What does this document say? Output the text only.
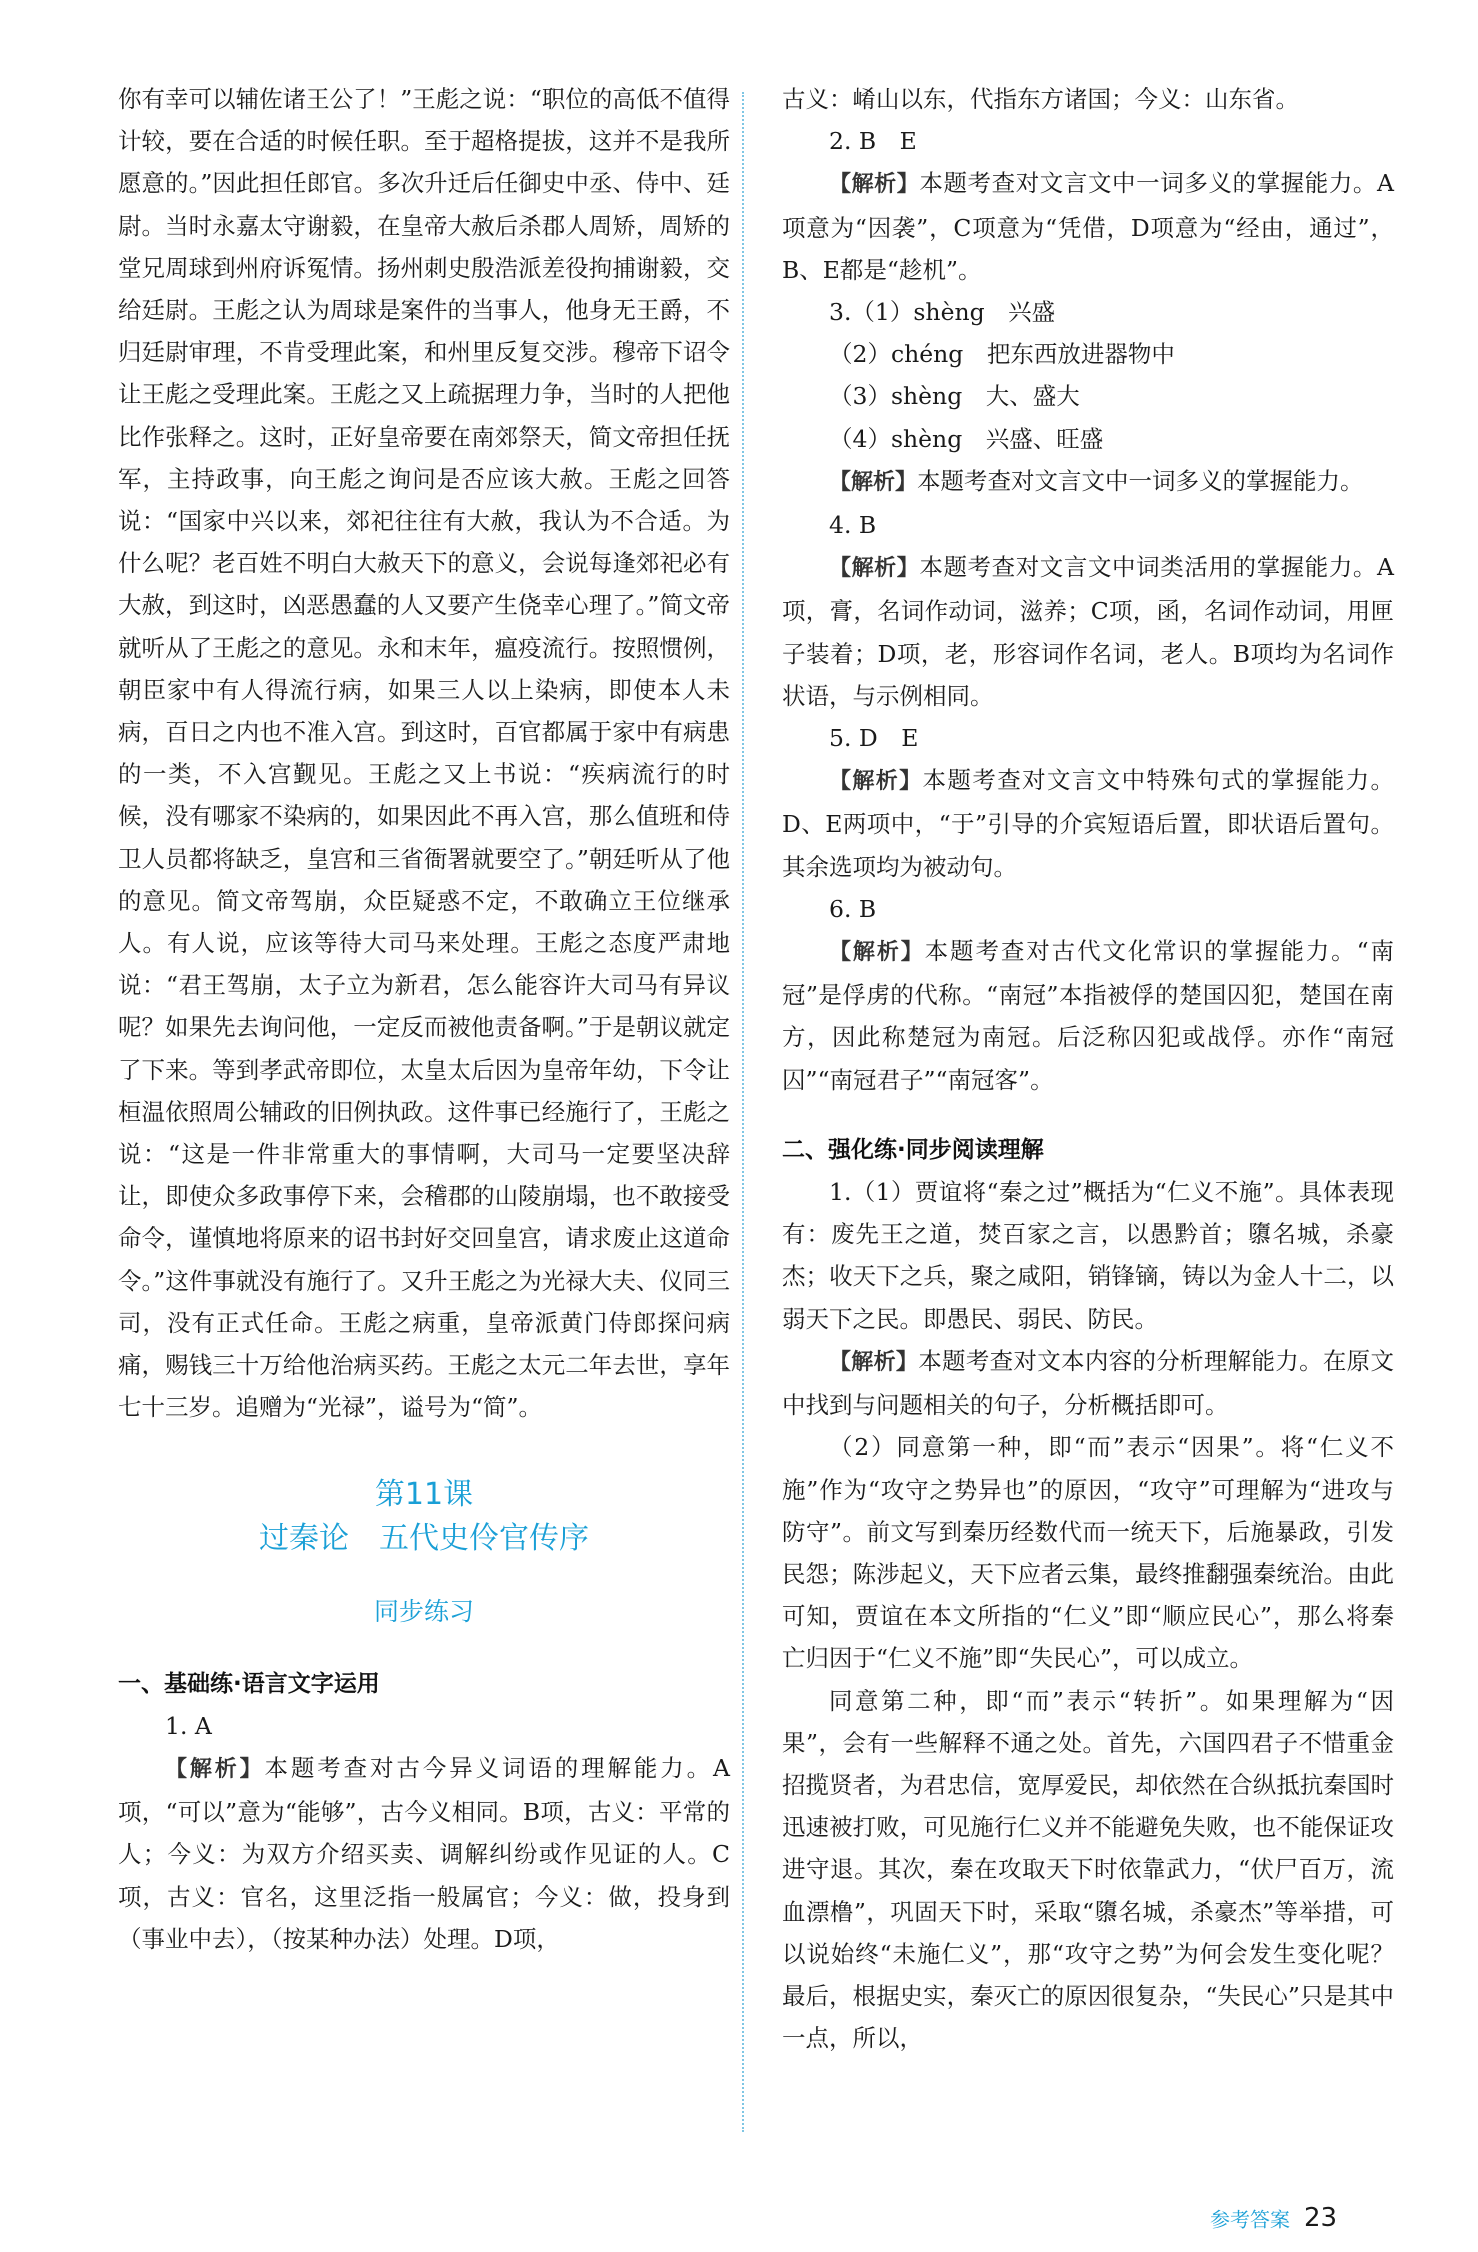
你有幸可以辅佐诸王公了！”王彪之说：“职位的高低不值得计较，要在合适的时候任职。至于超格提拔，这并不是我所愿意的。”因此担任郎官。多次升迁后任御史中丞、侍中、廷尉。当时永嘉太守谢毅，在皇帝大赦后杀郡人周矫，周矫的堂兄周球到州府诉冤情。扬州刺史殷浩派差役拘捕谢毅，交给廷尉。王彪之认为周球是案件的当事人，他身无王爵，不归廷尉审理，不肯受理此案，和州里反复交涉。穆帝下诏令让王彪之受理此案。王彪之又上疏据理力争，当时的人把他比作张释之。这时，正好皇帝要在南郊祭天，简文帝担任抚军，主持政事，向王彪之询问是否应该大赦。王彪之回答说：“国家中兴以来，郊祀往往有大赦，我认为不合适。为什么呢？老百姓不明白大赦天下的意义，会说每逢郊祀必有大赦，到这时，凶恶愚蠢的人又要产生侥幸心理了。”简文帝就听从了王彪之的意见。永和末年，瘟疫流行。按照惯例，朝臣家中有人得流行病，如果三人以上染病，即使本人未病，百日之内也不准入宫。到这时，百官都属于家中有病患的一类，不入宫觐见。王彪之又上书说：“疾病流行的时候，没有哪家不染病的，如果因此不再入宫，那么值班和侍卫人员都将缺乏，皇宫和三省衙署就要空了。”朝廷听从了他的意见。简文帝驾崩，众臣疑惑不定，不敢确立王位继承人。有人说，应该等待大司马来处理。王彪之态度严肃地说：“君王驾崩，太子立为新君，怎么能容许大司马有异议呢？如果先去询问他，一定反而被他责备啊。”于是朝议就定了下来。等到孝武帝即位，太皇太后因为皇帝年幼，下令让桓温依照周公辅政的旧例执政。这件事已经施行了，王彪之说：“这是一件非常重大的事情啊，大司马一定要坚决辞让，即使众多政事停下来，会稽郡的山陵崩塌，也不敢接受命令，谨慎地将原来的诏书封好交回皇宫，请求废止这道命令。”这件事就没有施行了。又升王彪之为光禄大夫、仪同三司，没有正式任命。王彪之病重，皇帝派黄门侍郎探问病痛，赐钱三十万给他治病买药。王彪之太元二年去世，享年七十三岁。追赠为“光禄”，谥号为“简”。

第11课
过秦论　五代史伶官传序
同步练习

一、基础练·语言文字运用

1. A

【解析】本题考查对古今异义词语的理解能力。A项，“可以”意为“能够”，古今义相同。B项，古义：平常的人；今义：为双方介绍买卖、调解纠纷或作见证的人。C项，古义：官名，这里泛指一般属官；今义：做，投身到（事业中去），（按某种办法）处理。D项，

古义：崤山以东，代指东方诸国；今义：山东省。

2. B　E

【解析】本题考查对文言文中一词多义的掌握能力。A项意为“因袭”，C项意为“凭借，D项意为“经由，通过”，B、E都是“趁机”。

3.（1）shèng　兴盛

（2）chéng　把东西放进器物中

（3）shèng　大、盛大

（4）shèng　兴盛、旺盛

【解析】本题考查对文言文中一词多义的掌握能力。

4. B

【解析】本题考查对文言文中词类活用的掌握能力。A项，膏，名词作动词，滋养；C项，函，名词作动词，用匣子装着；D项，老，形容词作名词，老人。B项均为名词作状语，与示例相同。

5. D　E

【解析】本题考查对文言文中特殊句式的掌握能力。D、E两项中，“于”引导的介宾短语后置，即状语后置句。其余选项均为被动句。

6. B

【解析】本题考查对古代文化常识的掌握能力。“南冠”是俘虏的代称。“南冠”本指被俘的楚国囚犯，楚国在南方，因此称楚冠为南冠。后泛称囚犯或战俘。亦作“南冠囚”“南冠君子”“南冠客”。

二、强化练·同步阅读理解

1.（1）贾谊将“秦之过”概括为“仁义不施”。具体表现有：废先王之道，焚百家之言，以愚黔首；隳名城，杀豪杰；收天下之兵，聚之咸阳，销锋镝，铸以为金人十二，以弱天下之民。即愚民、弱民、防民。

【解析】本题考查对文本内容的分析理解能力。在原文中找到与问题相关的句子，分析概括即可。

（2）同意第一种，即“而”表示“因果”。将“仁义不施”作为“攻守之势异也”的原因，“攻守”可理解为“进攻与防守”。前文写到秦历经数代而一统天下，后施暴政，引发民怨；陈涉起义，天下应者云集，最终推翻强秦统治。由此可知，贾谊在本文所指的“仁义”即“顺应民心”，那么将秦亡归因于“仁义不施”即“失民心”，可以成立。

同意第二种，即“而”表示“转折”。如果理解为“因果”，会有一些解释不通之处。首先，六国四君子不惜重金招揽贤者，为君忠信，宽厚爱民，却依然在合纵抵抗秦国时迅速被打败，可见施行仁义并不能避免失败，也不能保证攻进守退。其次，秦在攻取天下时依靠武力，“伏尸百万，流血漂橹”，巩固天下时，采取“隳名城，杀豪杰”等举措，可以说始终“未施仁义”，那“攻守之势”为何会发生变化呢？最后，根据史实，秦灭亡的原因很复杂，“失民心”只是其中一点，所以，

参考答案 23
